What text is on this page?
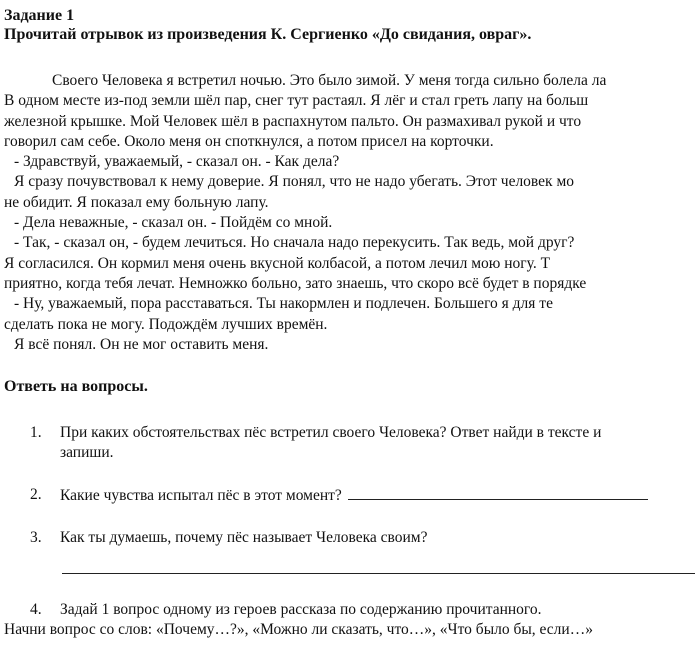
Задание 1
Прочитай отрывок из произведения К. Сергиенко «До свидания, овраг».
Своего Человека я встретил ночью. Это было зимой. У меня тогда сильно болела ла
В одном месте из-под земли шёл пар, снег тут растаял. Я лёг и стал греть лапу на больш
железной крышке. Мой Человек шёл в распахнутом пальто. Он размахивал рукой и что
говорил сам себе. Около меня он споткнулся, а потом присел на корточки.
- Здравствуй, уважаемый, - сказал он. - Как дела?
Я сразу почувствовал к нему доверие. Я понял, что не надо убегать. Этот человек мо
не обидит. Я показал ему больную лапу.
- Дела неважные, - сказал он. - Пойдём со мной.
- Так, - сказал он, - будем лечиться. Но сначала надо перекусить. Так ведь, мой друг?
Я согласился. Он кормил меня очень вкусной колбасой, а потом лечил мою ногу. Т
приятно, когда тебя лечат. Немножко больно, зато знаешь, что скоро всё будет в порядке
- Ну, уважаемый, пора расставаться. Ты накормлен и подлечен. Большего я для те
сделать пока не могу. Подождём лучших времён.
Я всё понял. Он не мог оставить меня.
Ответь на вопросы.
1.	При каких обстоятельствах пёс встретил своего Человека? Ответ найди в тексте и
запиши.
2.	Какие чувства испытал пёс в этот момент?
3.	Как ты думаешь, почему пёс называет Человека своим?
4.	Задай 1 вопрос одному из героев рассказа по содержанию прочитанного.
Начни вопрос со слов: «Почему…?», «Можно ли сказать, что…», «Что было бы, если…»
